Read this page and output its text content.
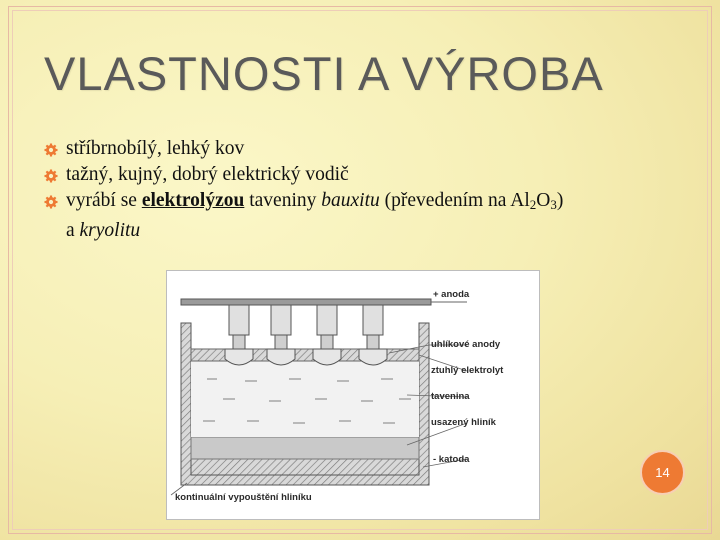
VLASTNOSTI A VÝROBA
stříbrnobílý, lehký kov
tažný, kujný, dobrý elektrický vodič
vyrábí se elektrolýzou taveniny bauxitu (převedením na $Al_2O_3$)
a kryolitu
+ anoda
uhlíkové anody
ztuhlý elektrolyt
tavenina
usazený hliník
- katoda
kontinuální vypouštění hliníku
14
